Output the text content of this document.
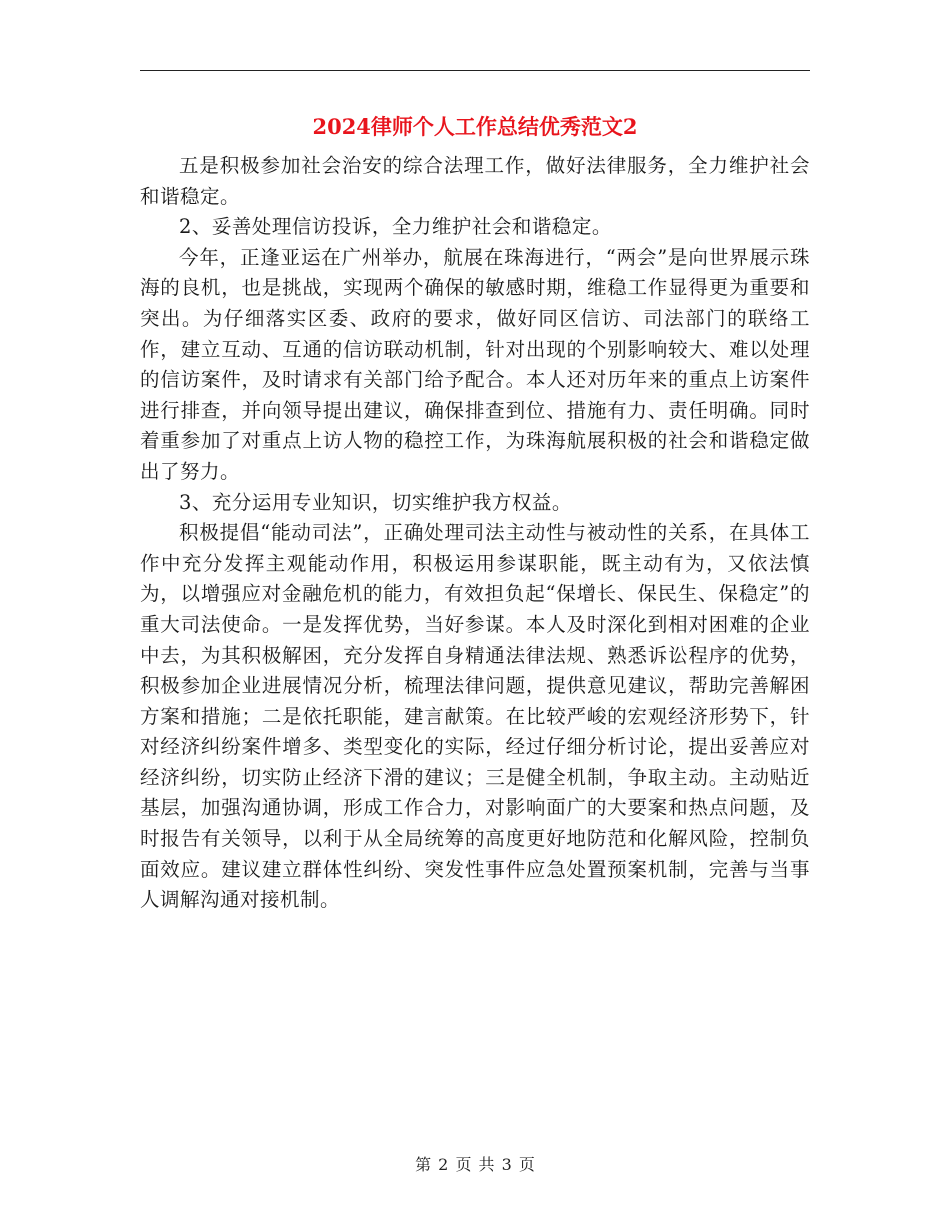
2024律师个人工作总结优秀范文2

五是积极参加社会治安的综合法理工作，做好法律服务，全力维护社会和谐稳定。

2、妥善处理信访投诉，全力维护社会和谐稳定。

今年，正逢亚运在广州举办，航展在珠海进行，“两会”是向世界展示珠海的良机，也是挑战，实现两个确保的敏感时期，维稳工作显得更为重要和突出。为仔细落实区委、政府的要求，做好同区信访、司法部门的联络工作，建立互动、互通的信访联动机制，针对出现的个别影响较大、难以处理的信访案件，及时请求有关部门给予配合。本人还对历年来的重点上访案件进行排查，并向领导提出建议，确保排查到位、措施有力、责任明确。同时着重参加了对重点上访人物的稳控工作，为珠海航展积极的社会和谐稳定做出了努力。

3、充分运用专业知识，切实维护我方权益。

积极提倡“能动司法”，正确处理司法主动性与被动性的关系，在具体工作中充分发挥主观能动作用，积极运用参谋职能，既主动有为，又依法慎为，以增强应对金融危机的能力，有效担负起“保增长、保民生、保稳定”的重大司法使命。一是发挥优势，当好参谋。本人及时深化到相对困难的企业中去，为其积极解困，充分发挥自身精通法律法规、熟悉诉讼程序的优势，积极参加企业进展情况分析，梳理法律问题，提供意见建议，帮助完善解困方案和措施；二是依托职能，建言献策。在比较严峻的宏观经济形势下，针对经济纠纷案件增多、类型变化的实际，经过仔细分析讨论，提出妥善应对经济纠纷，切实防止经济下滑的建议；三是健全机制，争取主动。主动贴近基层，加强沟通协调，形成工作合力，对影响面广的大要案和热点问题，及时报告有关领导，以利于从全局统筹的高度更好地防范和化解风险，控制负面效应。建议建立群体性纠纷、突发性事件应急处置预案机制，完善与当事人调解沟通对接机制。

第 2 页 共 3 页
